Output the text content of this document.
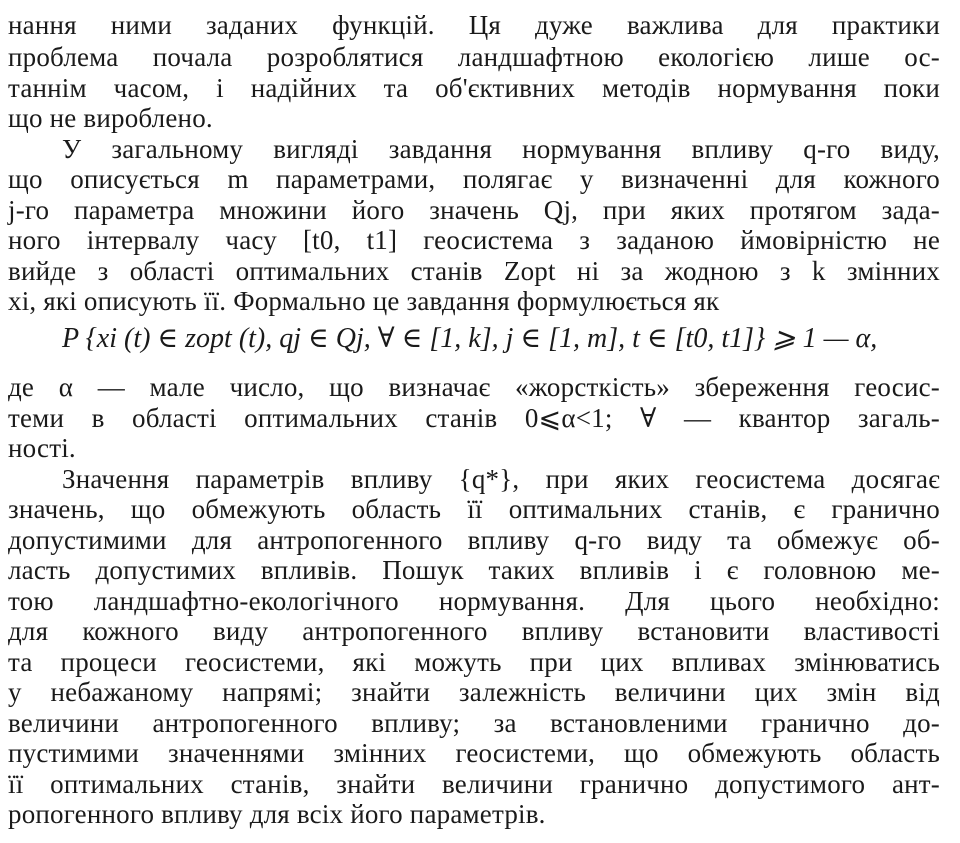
нання ними заданих функцій. Ця дуже важлива для практики
проблема почала розроблятися ландшафтною екологією лише ос-
таннім часом, і надійних та об'єктивних методів нормування поки
що не вироблено.
У загальному вигляді завдання нормування впливу q-го виду,
що описується m параметрами, полягає у визначенні для кожного
j-го параметра множини його значень Qj, при яких протягом зада-
ного інтервалу часу [t0, t1] геосистема з заданою ймовірністю не
вийде з області оптимальних станів Zopt ні за жодною з k змінних
xi, які описують її. Формально це завдання формулюється як
P {xi (t) ∈ zopt (t), qj ∈ Qj, ∀ ∈ [1, k], j ∈ [1, m], t ∈ [t0, t1]} ⩾ 1 — α,
де α — мале число, що визначає «жорсткість» збереження геосис-
теми в області оптимальних станів 0⩽α<1; ∀ — квантор загаль-
ності.
Значення параметрів впливу {q*}, при яких геосистема досягає
значень, що обмежують область її оптимальних станів, є гранично
допустимими для антропогенного впливу q-го виду та обмежує об-
ласть допустимих впливів. Пошук таких впливів і є головною ме-
тою ландшафтно-екологічного нормування. Для цього необхідно:
для кожного виду антропогенного впливу встановити властивості
та процеси геосистеми, які можуть при цих впливах змінюватись
у небажаному напрямі; знайти залежність величини цих змін від
величини антропогенного впливу; за встановленими гранично до-
пустимими значеннями змінних геосистеми, що обмежують область
її оптимальних станів, знайти величини гранично допустимого ант-
ропогенного впливу для всіх його параметрів.
